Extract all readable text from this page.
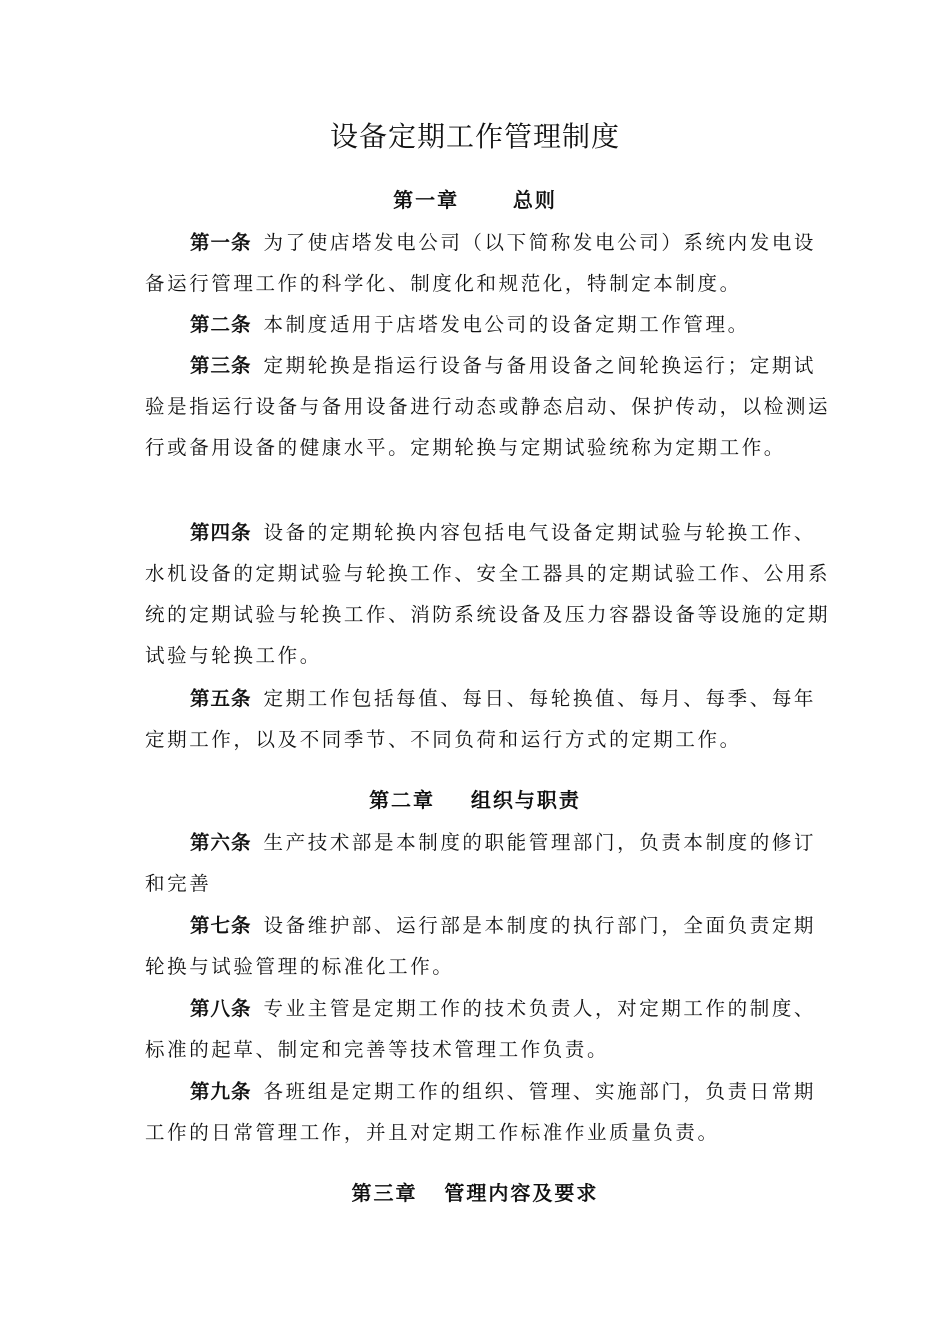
设备定期工作管理制度
第一章      总则

第一条 为了使店塔发电公司（以下简称发电公司）系统内发电设备运行管理工作的科学化、制度化和规范化，特制定本制度。

第二条 本制度适用于店塔发电公司的设备定期工作管理。

第三条 定期轮换是指运行设备与备用设备之间轮换运行；定期试验是指运行设备与备用设备进行动态或静态启动、保护传动，以检测运行或备用设备的健康水平。定期轮换与定期试验统称为定期工作。

第四条 设备的定期轮换内容包括电气设备定期试验与轮换工作、水机设备的定期试验与轮换工作、安全工器具的定期试验工作、公用系统的定期试验与轮换工作、消防系统设备及压力容器设备等设施的定期试验与轮换工作。

第五条 定期工作包括每值、每日、每轮换值、每月、每季、每年定期工作，以及不同季节、不同负荷和运行方式的定期工作。

第二章    组织与职责

第六条 生产技术部是本制度的职能管理部门，负责本制度的修订和完善

第七条 设备维护部、运行部是本制度的执行部门，全面负责定期轮换与试验管理的标准化工作。

第八条 专业主管是定期工作的技术负责人，对定期工作的制度、标准的起草、制定和完善等技术管理工作负责。

第九条 各班组是定期工作的组织、管理、实施部门，负责日常期工作的日常管理工作，并且对定期工作标准作业质量负责。

第三章   管理内容及要求
